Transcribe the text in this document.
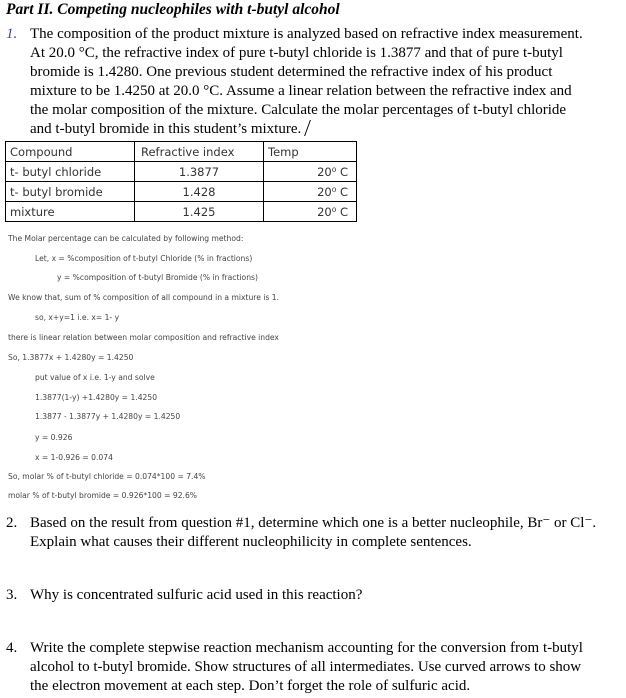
Part II. Competing nucleophiles with t-butyl alcohol
1. The composition of the product mixture is analyzed based on refractive index measurement.
At 20.0 °C, the refractive index of pure t-butyl chloride is 1.3877 and that of pure t-butyl
bromide is 1.4280. One previous student determined the refractive index of his product
mixture to be 1.4250 at 20.0 °C. Assume a linear relation between the refractive index and
the molar composition of the mixture. Calculate the molar percentages of t-butyl chloride
and t-butyl bromide in this student’s mixture.
Compound	Refractive index	Temp
t- butyl chloride	1.3877	20⁰ C
t- butyl bromide	1.428	20⁰ C
mixture	1.425	20⁰ C
The Molar percentage can be calculated by following method:
Let, x = %composition of t-butyl Chloride (% in fractions)
y = %composition of t-butyl Bromide (% in fractions)
We know that, sum of % composition of all compound in a mixture is 1.
so, x+y=1 i.e. x= 1- y
there is linear relation between molar composition and refractive index
So, 1.3877x + 1.4280y = 1.4250
put value of x i.e. 1-y and solve
1.3877(1-y) +1.4280y = 1.4250
1.3877 - 1.3877y + 1.4280y = 1.4250
y = 0.926
x = 1-0.926 = 0.074
So, molar % of t-butyl chloride = 0.074*100 = 7.4%
molar % of t-butyl bromide = 0.926*100 = 92.6%
2. Based on the result from question #1, determine which one is a better nucleophile, Br⁻ or Cl⁻.
Explain what causes their different nucleophilicity in complete sentences.
3. Why is concentrated sulfuric acid used in this reaction?
4. Write the complete stepwise reaction mechanism accounting for the conversion from t-butyl
alcohol to t-butyl bromide. Show structures of all intermediates. Use curved arrows to show
the electron movement at each step. Don’t forget the role of sulfuric acid.
